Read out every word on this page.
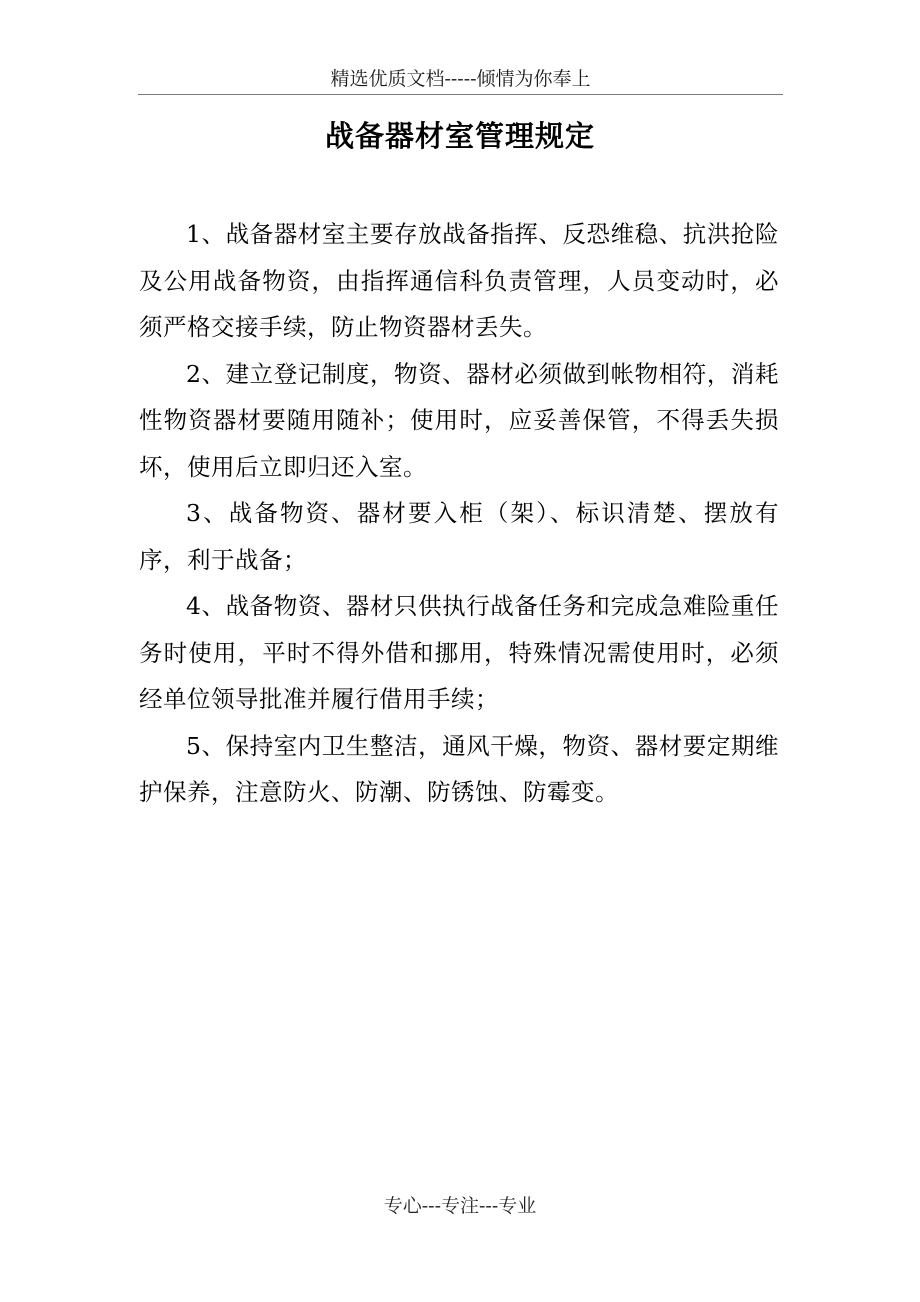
精选优质文档-----倾情为你奉上
战备器材室管理规定

1、战备器材室主要存放战备指挥、反恐维稳、抗洪抢险及公用战备物资，由指挥通信科负责管理，人员变动时，必须严格交接手续，防止物资器材丢失。

2、建立登记制度，物资、器材必须做到帐物相符，消耗性物资器材要随用随补；使用时，应妥善保管，不得丢失损坏，使用后立即归还入室。

3、战备物资、器材要入柜（架）、标识清楚、摆放有序，利于战备；

4、战备物资、器材只供执行战备任务和完成急难险重任务时使用，平时不得外借和挪用，特殊情况需使用时，必须经单位领导批准并履行借用手续；

5、保持室内卫生整洁，通风干燥，物资、器材要定期维护保养，注意防火、防潮、防锈蚀、防霉变。

专心---专注---专业
